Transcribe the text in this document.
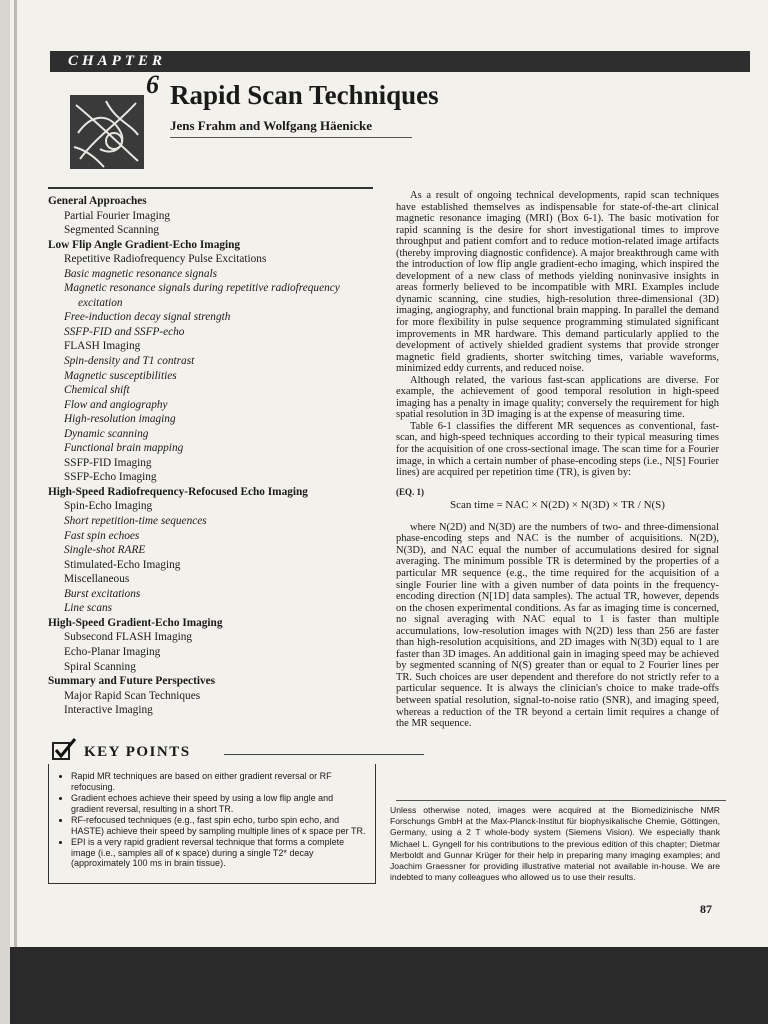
CHAPTER
6 Rapid Scan Techniques
Jens Frahm and Wolfgang Häenicke
General Approaches
Partial Fourier Imaging
Segmented Scanning
Low Flip Angle Gradient-Echo Imaging
Repetitive Radiofrequency Pulse Excitations
Basic magnetic resonance signals
Magnetic resonance signals during repetitive radiofrequency
excitation
Free-induction decay signal strength
SSFP-FID and SSFP-echo
FLASH Imaging
Spin-density and T1 contrast
Magnetic susceptibilities
Chemical shift
Flow and angiography
High-resolution imaging
Dynamic scanning
Functional brain mapping
SSFP-FID Imaging
SSFP-Echo Imaging
High-Speed Radiofrequency-Refocused Echo Imaging
Spin-Echo Imaging
Short repetition-time sequences
Fast spin echoes
Single-shot RARE
Stimulated-Echo Imaging
Miscellaneous
Burst excitations
Line scans
High-Speed Gradient-Echo Imaging
Subsecond FLASH Imaging
Echo-Planar Imaging
Spiral Scanning
Summary and Future Perspectives
Major Rapid Scan Techniques
Interactive Imaging
KEY POINTS
• Rapid MR techniques are based on either gradient reversal or RF refocusing.
• Gradient echoes achieve their speed by using a low flip angle and gradient reversal, resulting in a short TR.
• RF-refocused techniques (e.g., fast spin echo, turbo spin echo, and HASTE) achieve their speed by sampling multiple lines of κ space per TR.
• EPI is a very rapid gradient reversal technique that forms a complete image (i.e., samples all of κ space) during a single T2* decay (approximately 100 ms in brain tissue).

As a result of ongoing technical developments, rapid scan techniques have established themselves as indispensable for state-of-the-art clinical magnetic resonance imaging (MRI) (Box 6-1). The basic motivation for rapid scanning is the desire for short investigational times to improve throughput and patient comfort and to reduce motion-related image artifacts (thereby improving diagnostic confidence). A major breakthrough came with the introduction of low flip angle gradient-echo imaging, which inspired the development of a new class of methods yielding noninvasive insights in areas formerly believed to be incompatible with MRI. Examples include dynamic scanning, cine studies, high-resolution three-dimensional (3D) imaging, angiography, and functional brain mapping. In parallel the demand for more flexibility in pulse sequence programming stimulated significant improvements in MR hardware. This demand particularly applied to the development of actively shielded gradient systems that provide stronger magnetic field gradients, shorter switching times, variable waveforms, minimized eddy currents, and reduced noise.

Although related, the various fast-scan applications are diverse. For example, the achievement of good temporal resolution in high-speed imaging has a penalty in image quality; conversely the requirement for high spatial resolution in 3D imaging is at the expense of measuring time.

Table 6-1 classifies the different MR sequences as conventional, fast-scan, and high-speed techniques according to their typical measuring times for the acquisition of one cross-sectional image. The scan time for a Fourier image, in which a certain number of phase-encoding steps (i.e., N[S] Fourier lines) are acquired per repetition time (TR), is given by:

(EQ. 1)
Scan time = NAC × N(2D) × N(3D) × TR / N(S)

where N(2D) and N(3D) are the numbers of two- and three-dimensional phase-encoding steps and NAC is the number of acquisitions. N(2D), N(3D), and NAC equal the number of accumulations desired for signal averaging. The minimum possible TR is determined by the properties of a particular MR sequence (e.g., the time required for the acquisition of a single Fourier line with a given number of data points in the frequency-encoding direction (N[1D] data samples). The actual TR, however, depends on the chosen experimental conditions. As far as imaging time is concerned, no signal averaging with NAC equal to 1 is faster than multiple accumulations, low-resolution images with N(2D) less than 256 are faster than high-resolution acquisitions, and 2D images with N(3D) equal to 1 are faster than 3D images. An additional gain in imaging speed may be achieved by segmented scanning of N(S) greater than or equal to 2 Fourier lines per TR. Such choices are user dependent and therefore do not strictly refer to a particular sequence. It is always the clinician's choice to make trade-offs between spatial resolution, signal-to-noise ratio (SNR), and imaging speed, whereas a reduction of the TR beyond a certain limit requires a change of the MR sequence.

Unless otherwise noted, images were acquired at the Biomedizinische NMR Forschungs GmbH at the Max-Planck-Institut für biophysikalische Chemie, Göttingen, Germany, using a 2 T whole-body system (Siemens Vision). We especially thank Michael L. Gyngell for his contributions to the previous edition of this chapter; Dietmar Merboldt and Gunnar Krüger for their help in preparing many imaging examples; and Joachim Graessner for providing illustrative material not available in-house. We are indebted to many colleagues who allowed us to use their results.
87
